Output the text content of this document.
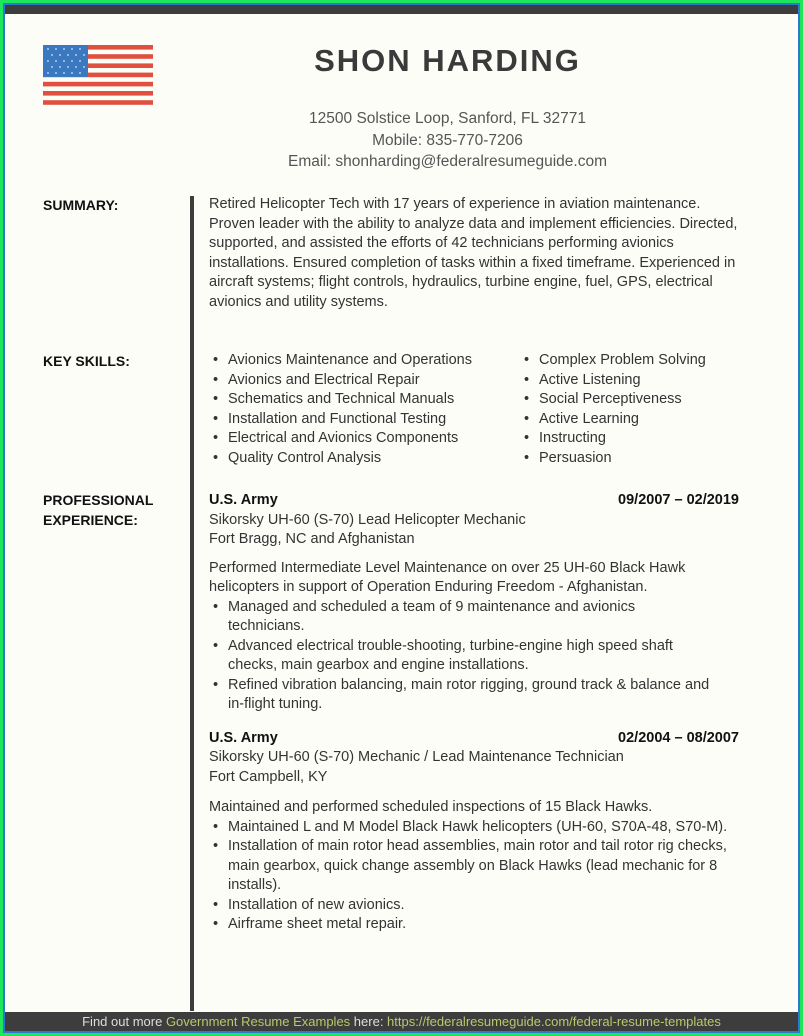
SHON HARDING
12500 Solstice Loop, Sanford, FL 32771
Mobile: 835-770-7206
Email: shonharding@federalresumeguide.com
SUMMARY:	Retired Helicopter Tech with 17 years of experience in aviation maintenance. Proven leader with the ability to analyze data and implement efficiencies. Directed, supported, and assisted the efforts of 42 technicians performing avionics installations. Ensured completion of tasks within a fixed timeframe. Experienced in aircraft systems; flight controls, hydraulics, turbine engine, fuel, GPS, electrical avionics and utility systems.
KEY SKILLS:	• Avionics Maintenance and Operations
• Avionics and Electrical Repair
• Schematics and Technical Manuals
• Installation and Functional Testing
• Electrical and Avionics Components
• Quality Control Analysis
• Complex Problem Solving
• Active Listening
• Social Perceptiveness
• Active Learning
• Instructing
• Persuasion
PROFESSIONAL
EXPERIENCE:
U.S. Army	09/2007 – 02/2019
Sikorsky UH-60 (S-70) Lead Helicopter Mechanic
Fort Bragg, NC and Afghanistan
Performed Intermediate Level Maintenance on over 25 UH-60 Black Hawk helicopters in support of Operation Enduring Freedom - Afghanistan.
• Managed and scheduled a team of 9 maintenance and avionics technicians.
• Advanced electrical trouble-shooting, turbine-engine high speed shaft checks, main gearbox and engine installations.
• Refined vibration balancing, main rotor rigging, ground track & balance and in-flight tuning.
U.S. Army	02/2004 – 08/2007
Sikorsky UH-60 (S-70) Mechanic / Lead Maintenance Technician
Fort Campbell, KY
Maintained and performed scheduled inspections of 15 Black Hawks.
• Maintained L and M Model Black Hawk helicopters (UH-60, S70A-48, S70-M).
• Installation of main rotor head assemblies, main rotor and tail rotor rig checks, main gearbox, quick change assembly on Black Hawks (lead mechanic for 8 installs).
• Installation of new avionics.
• Airframe sheet metal repair.
Find out more Government Resume Examples here: https://federalresumeguide.com/federal-resume-templates
